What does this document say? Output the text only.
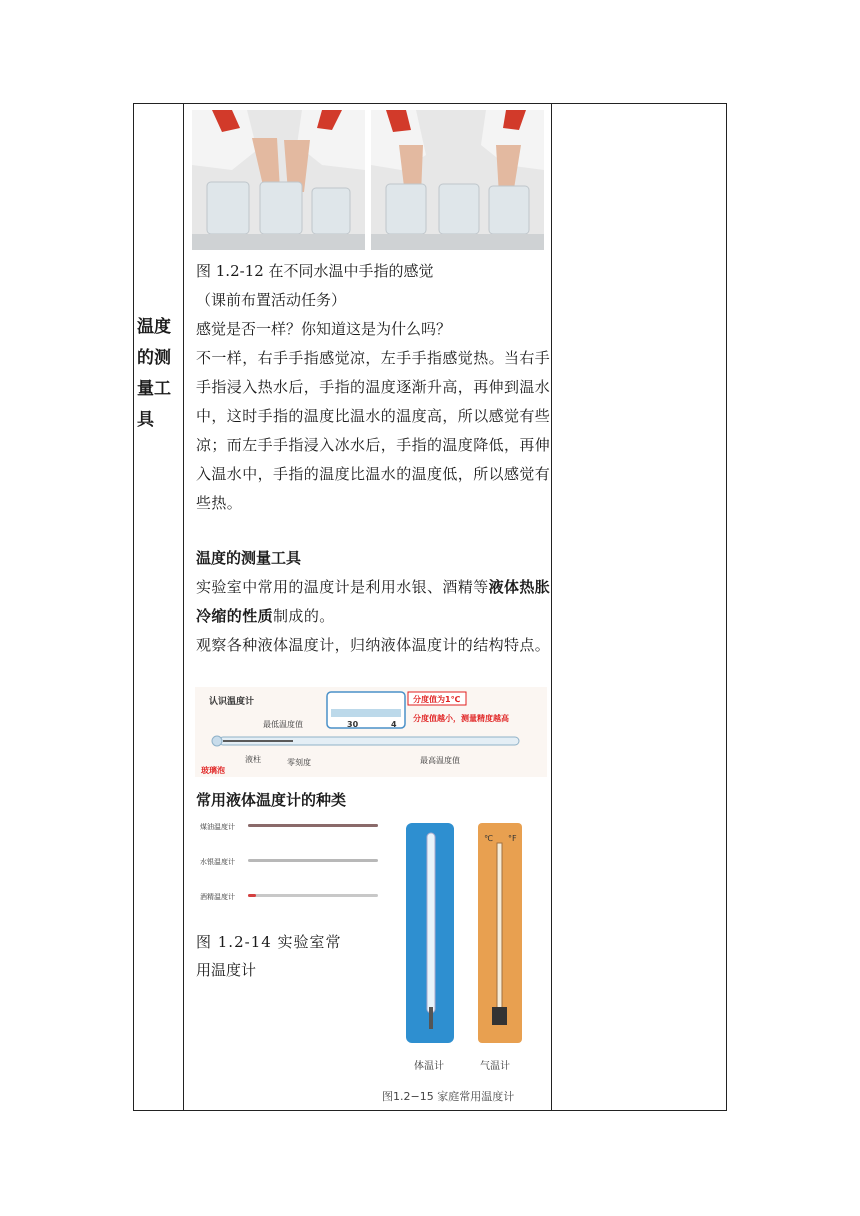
温度
的测
量工
具
图 1.2-12 在不同水温中手指的感觉
（课前布置活动任务）
感觉是否一样？你知道这是为什么吗？
不一样，右手手指感觉凉，左手手指感觉热。当右手手指浸入热水后，手指的温度逐渐升高，再伸到温水中，这时手指的温度比温水的温度高，所以感觉有些凉；而左手手指浸入冰水后，手指的温度降低，再伸入温水中，手指的温度比温水的温度低，所以感觉有些热。
温度的测量工具
实验室中常用的温度计是利用水银、酒精等液体热胀冷缩的性质制成的。
观察各种液体温度计，归纳液体温度计的结构特点。
认识温度计
30	4
分度值为1℃
分度值越小，测量精度越高
最低温度值
液柱	零刻度	最高温度值
玻璃泡
常用液体温度计的种类
煤油温度计
水银温度计
酒精温度计
图 1.2-14 实验室常
用温度计
℃ °F
体温计	气温计
图1.2−15 家庭常用温度计
